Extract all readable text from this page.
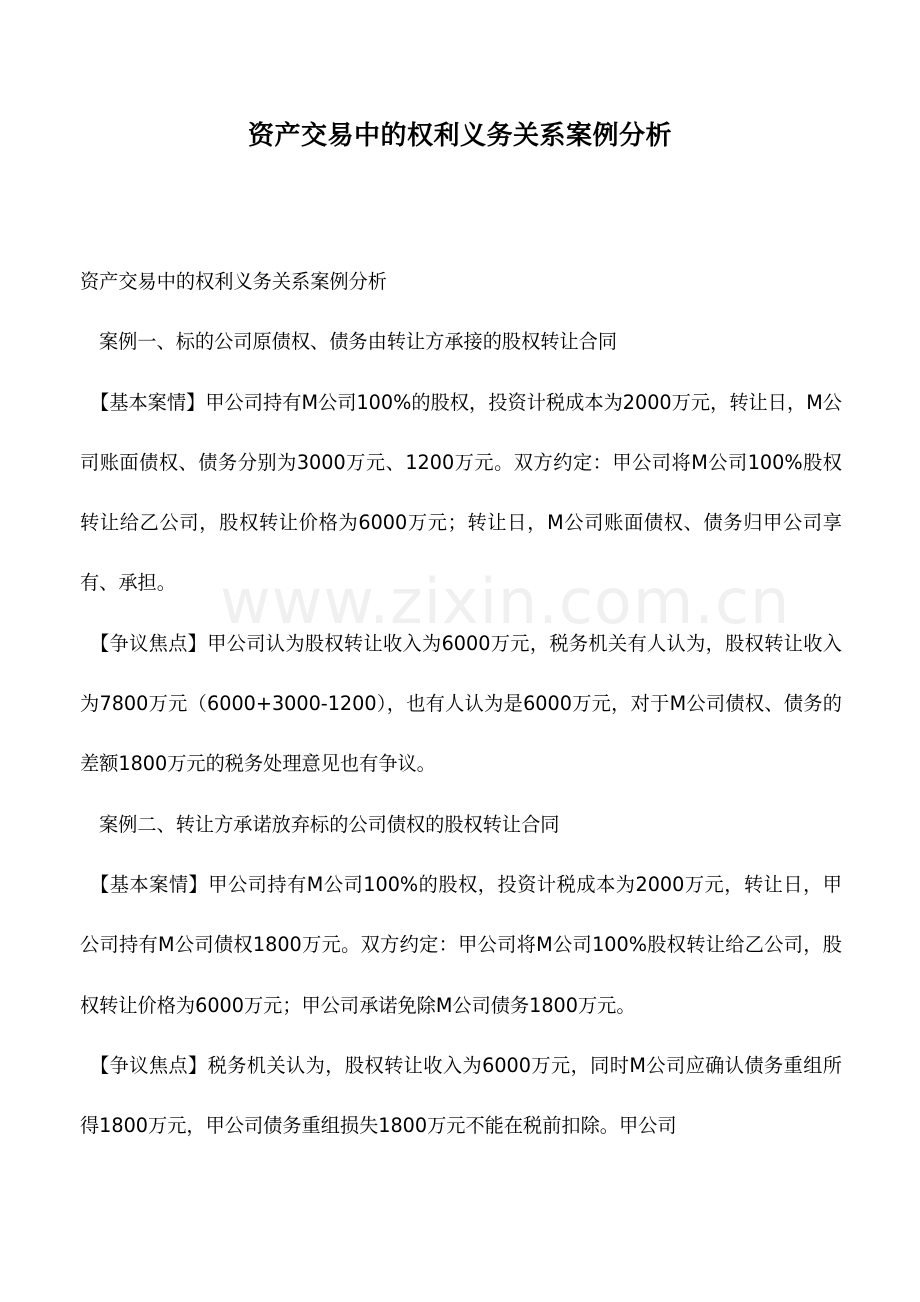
资产交易中的权利义务关系案例分析
www.zixin.com.cn

资产交易中的权利义务关系案例分析

案例一、标的公司原债权、债务由转让方承接的股权转让合同

【基本案情】甲公司持有M公司100%的股权，投资计税成本为2000万元，转让日，M公司账面债权、债务分别为3000万元、1200万元。双方约定：甲公司将M公司100%股权转让给乙公司，股权转让价格为6000万元；转让日，M公司账面债权、债务归甲公司享有、承担。

【争议焦点】甲公司认为股权转让收入为6000万元，税务机关有人认为，股权转让收入为7800万元（6000+3000-1200），也有人认为是6000万元，对于M公司债权、债务的差额1800万元的税务处理意见也有争议。

案例二、转让方承诺放弃标的公司债权的股权转让合同

【基本案情】甲公司持有M公司100%的股权，投资计税成本为2000万元，转让日，甲公司持有M公司债权1800万元。双方约定：甲公司将M公司100%股权转让给乙公司，股权转让价格为6000万元；甲公司承诺免除M公司债务1800万元。

【争议焦点】税务机关认为，股权转让收入为6000万元，同时M公司应确认债务重组所得1800万元，甲公司债务重组损失1800万元不能在税前扣除。甲公司
